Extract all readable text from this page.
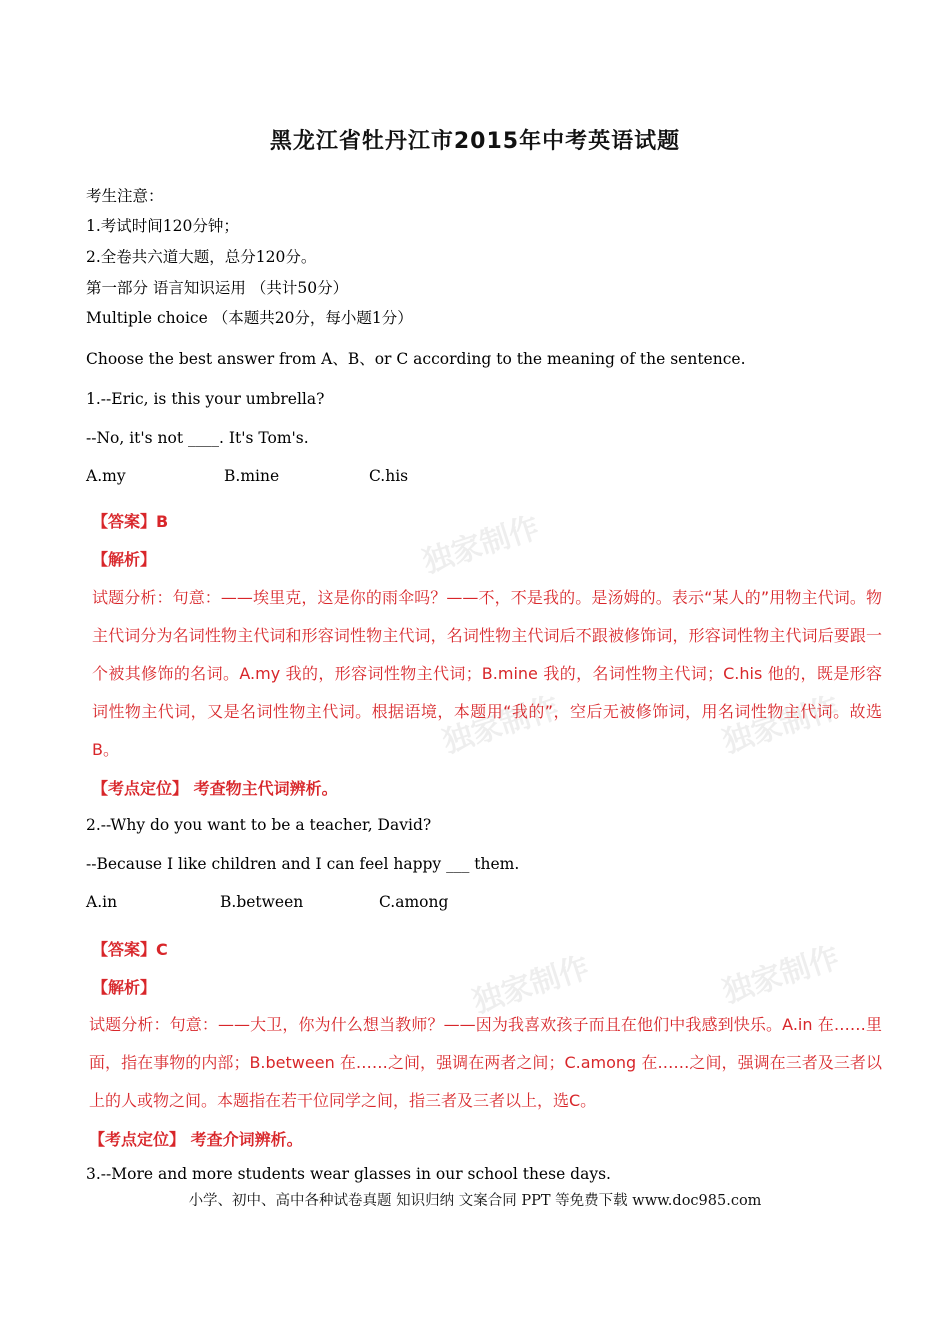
黑龙江省牡丹江市2015年中考英语试题
考生注意：
1.考试时间120分钟；
2.全卷共六道大题，总分120分。
第一部分 语言知识运用 （共计50分）
Multiple choice （本题共20分，每小题1分）
Choose the best answer from A、B、or C according to the meaning of the sentence.
1.--Eric, is this your umbrella?
--No, it's not ____. It's Tom's.
A.my	B.mine	C.his
独家制作
独家制作	独家制作
【答案】B
【解析】
试题分析：句意：——埃里克，这是你的雨伞吗？——不，不是我的。是汤姆的。表示“某人的”用物主代词。物主代词分为名词性物主代词和形容词性物主代词，名词性物主代词后不跟被修饰词，形容词性物主代词后要跟一个被其修饰的名词。A.my 我的，形容词性物主代词；B.mine 我的，名词性物主代词；C.his 他的，既是形容词性物主代词，又是名词性物主代词。根据语境，本题用“我的”，空后无被修饰词，用名词性物主代词。故选B。
【考点定位】 考查物主代词辨析。
2.--Why do you want to be a teacher, David?
--Because I like children and I can feel happy ___ them.
A.in	B.between	C.among
独家制作	独家制作
【答案】C
【解析】
试题分析：句意：——大卫，你为什么想当教师？——因为我喜欢孩子而且在他们中我感到快乐。A.in 在……里面，指在事物的内部；B.between 在……之间，强调在两者之间；C.among 在……之间，强调在三者及三者以上的人或物之间。本题指在若干位同学之间，指三者及三者以上，选C。
【考点定位】 考查介词辨析。
3.--More and more students wear glasses in our school these days.
小学、初中、高中各种试卷真题 知识归纳 文案合同 PPT 等免费下载 www.doc985.com
